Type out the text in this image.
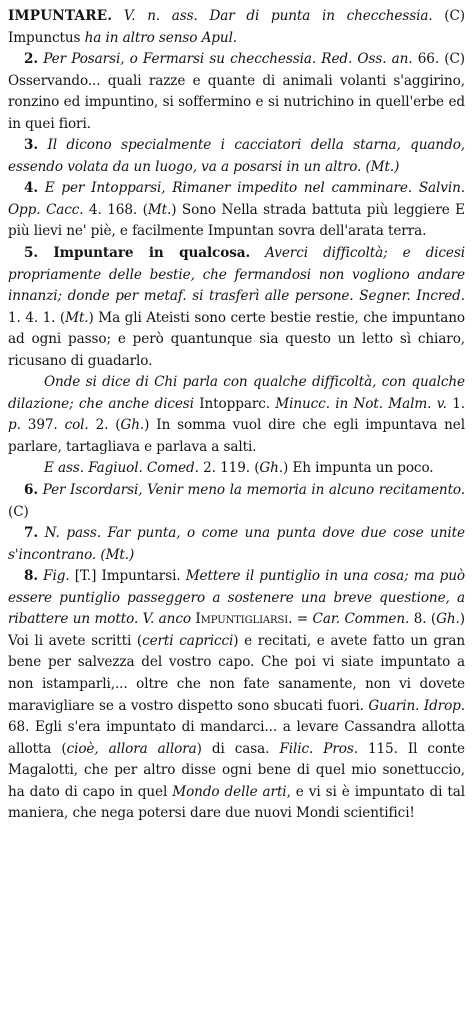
IMPUNTARE. V. n. ass. Dar di punta in checchessia. (C) Impunctus ha in altro senso Apul.

2. Per Posarsi, o Fermarsi su checchessia. Red. Oss. an. 66. (C) Osservando... quali razze e quante di animali volanti s'aggirino, ronzino ed impuntino, si soffermino e si nutrichino in quell'erbe ed in quei fiori.

3. Il dicono specialmente i cacciatori della starna, quando, essendo volata da un luogo, va a posarsi in un altro. (Mt.)

4. E per Intopparsi, Rimaner impedito nel camminare. Salvin. Opp. Cacc. 4. 168. (Mt.) Sono Nella strada battuta più leggiere E più lievi ne' piè, e facilmente Impuntan sovra dell'arata terra.

5. Impuntare in qualcosa. Averci difficoltà; e dicesi propriamente delle bestie, che fermandosi non vogliono andare innanzi; donde per metaf. si trasferì alle persone. Segner. Incred. 1. 4. 1. (Mt.) Ma gli Ateisti sono certe bestie restie, che impuntano ad ogni passo; e però quantunque sia questo un letto sì chiaro, ricusano di guadarlo.

Onde si dice di Chi parla con qualche difficoltà, con qualche dilazione; che anche dicesi Intopparc. Minucc. in Not. Malm. v. 1. p. 397. col. 2. (Gh.) In somma vuol dire che egli impuntava nel parlare, tartagliava e parlava a salti.

E ass. Fagiuol. Comed. 2. 119. (Gh.) Eh impunta un poco.

6. Per Iscordarsi, Venir meno la memoria in alcuno recitamento. (C)

7. N. pass. Far punta, o come una punta dove due cose unite s'incontrano. (Mt.)

8. Fig. [T.] Impuntarsi. Mettere il puntiglio in una cosa; ma può essere puntiglio passeggero a sostenere una breve questione, a ribattere un motto. V. anco Impuntigliarsi. = Car. Commen. 8. (Gh.) Voi li avete scritti (certi capricci) e recitati, e avete fatto un gran bene per salvezza del vostro capo. Che poi vi siate impuntato a non istamparli,... oltre che non fate sanamente, non vi dovete maravigliare se a vostro dispetto sono sbucati fuori. Guarin. Idrop. 68. Egli s'era impuntato di mandarci... a levare Cassandra allotta allotta (cioè, allora allora) di casa. Filic. Pros. 115. Il conte Magalotti, che per altro disse ogni bene di quel mio sonettuccio, ha dato di capo in quel Mondo delle arti, e vi si è impuntato di tal maniera, che nega potersi dare due nuovi Mondi scientifici!
